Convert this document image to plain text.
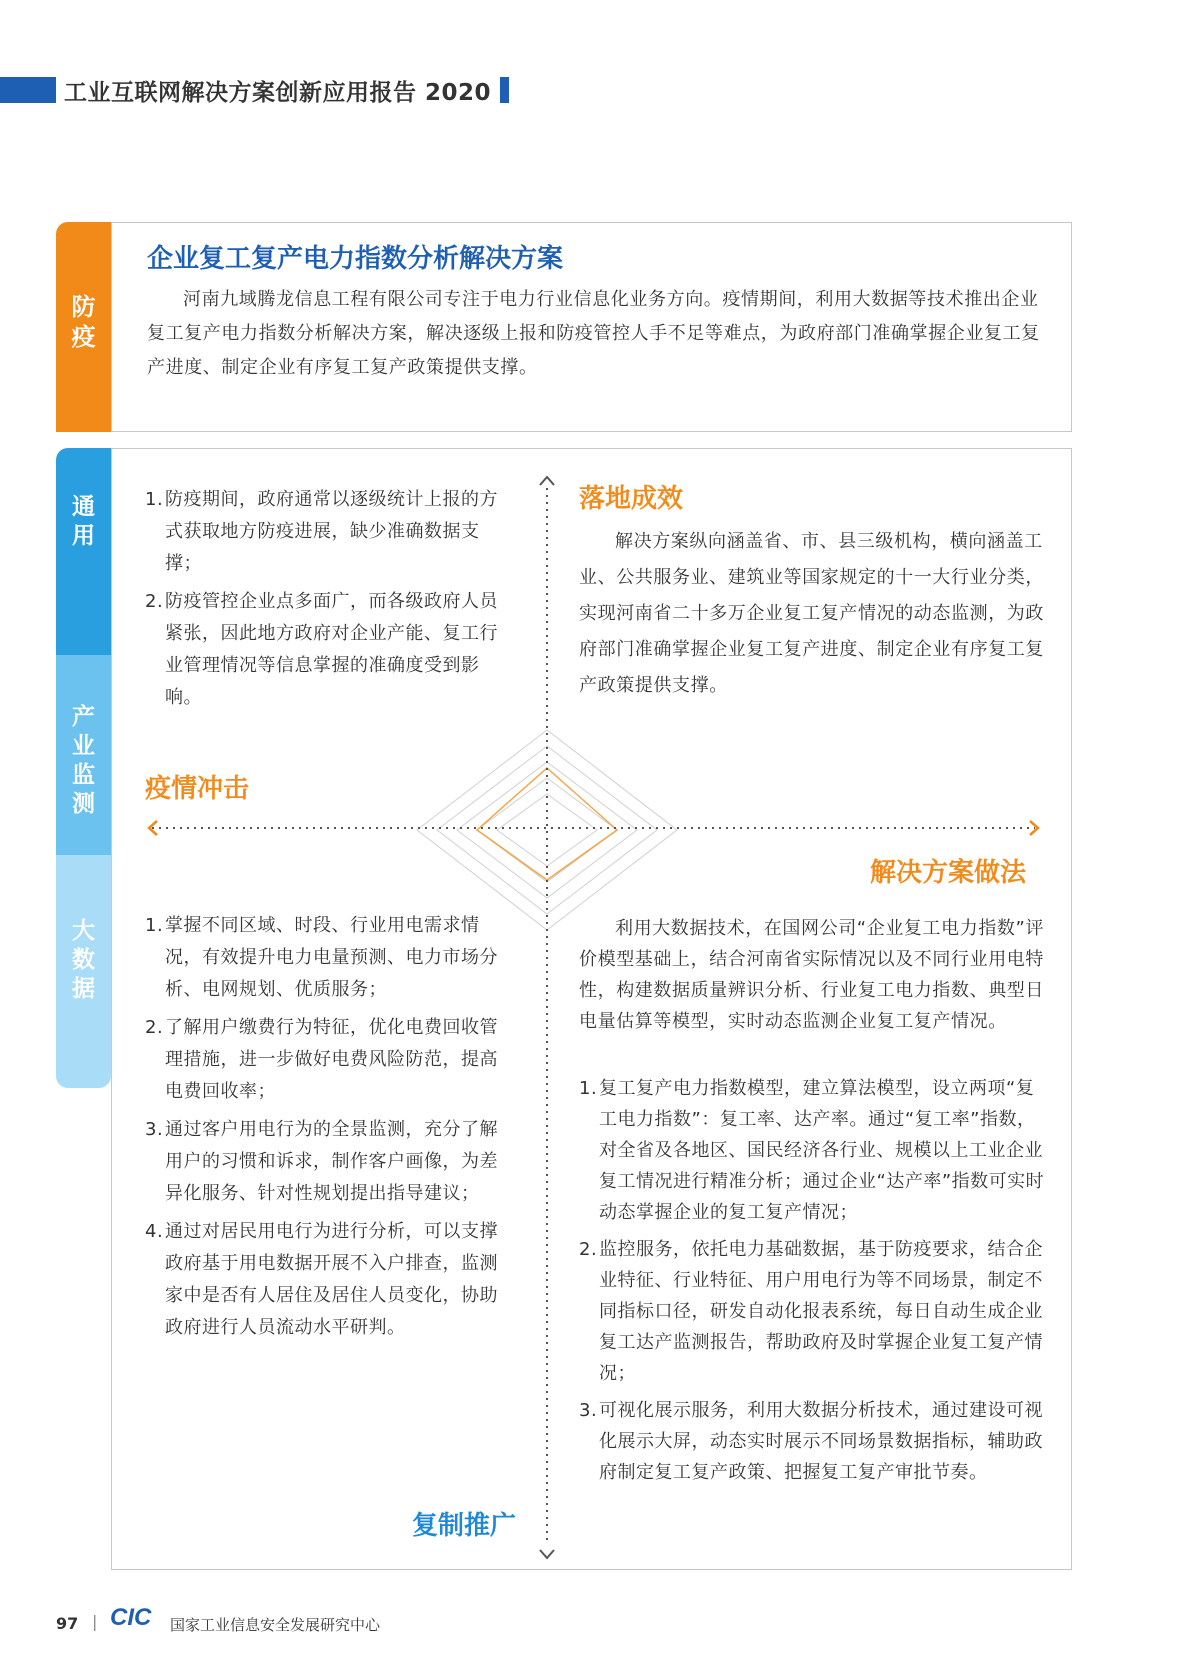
工业互联网解决方案创新应用报告 2020
防疫
企业复工复产电力指数分析解决方案
河南九域腾龙信息工程有限公司专注于电力行业信息化业务方向。疫情期间，利用大数据等技术推出企业复工复产电力指数分析解决方案，解决逐级上报和防疫管控人手不足等难点，为政府部门准确掌握企业复工复产进度、制定企业有序复工复产政策提供支撑。
通用
产业监测
大数据
1. 防疫期间，政府通常以逐级统计上报的方式获取地方防疫进展，缺少准确数据支撑；
2. 防疫管控企业点多面广，而各级政府人员紧张，因此地方政府对企业产能、复工行业管理情况等信息掌握的准确度受到影响。
疫情冲击
落地成效
解决方案纵向涵盖省、市、县三级机构，横向涵盖工业、公共服务业、建筑业等国家规定的十一大行业分类，实现河南省二十多万企业复工复产情况的动态监测，为政府部门准确掌握企业复工复产进度、制定企业有序复工复产政策提供支撑。
解决方案做法
利用大数据技术，在国网公司“企业复工电力指数”评价模型基础上，结合河南省实际情况以及不同行业用电特性，构建数据质量辨识分析、行业复工电力指数、典型日电量估算等模型，实时动态监测企业复工复产情况。
1. 复工复产电力指数模型，建立算法模型，设立两项“复工电力指数”：复工率、达产率。通过“复工率”指数，对全省及各地区、国民经济各行业、规模以上工业企业复工情况进行精准分析；通过企业“达产率”指数可实时动态掌握企业的复工复产情况；
2. 监控服务，依托电力基础数据，基于防疫要求，结合企业特征、行业特征、用户用电行为等不同场景，制定不同指标口径，研发自动化报表系统，每日自动生成企业复工达产监测报告，帮助政府及时掌握企业复工复产情况；
3. 可视化展示服务，利用大数据分析技术，通过建设可视化展示大屏，动态实时展示不同场景数据指标，辅助政府制定复工复产政策、把握复工复产审批节奏。
1. 掌握不同区域、时段、行业用电需求情况，有效提升电力电量预测、电力市场分析、电网规划、优质服务；
2. 了解用户缴费行为特征，优化电费回收管理措施，进一步做好电费风险防范，提高电费回收率；
3. 通过客户用电行为的全景监测，充分了解用户的习惯和诉求，制作客户画像，为差异化服务、针对性规划提出指导建议；
4. 通过对居民用电行为进行分析，可以支撑政府基于用电数据开展不入户排查，监测家中是否有人居住及居住人员变化，协助政府进行人员流动水平研判。
复制推广
97 | CIC 国家工业信息安全发展研究中心
